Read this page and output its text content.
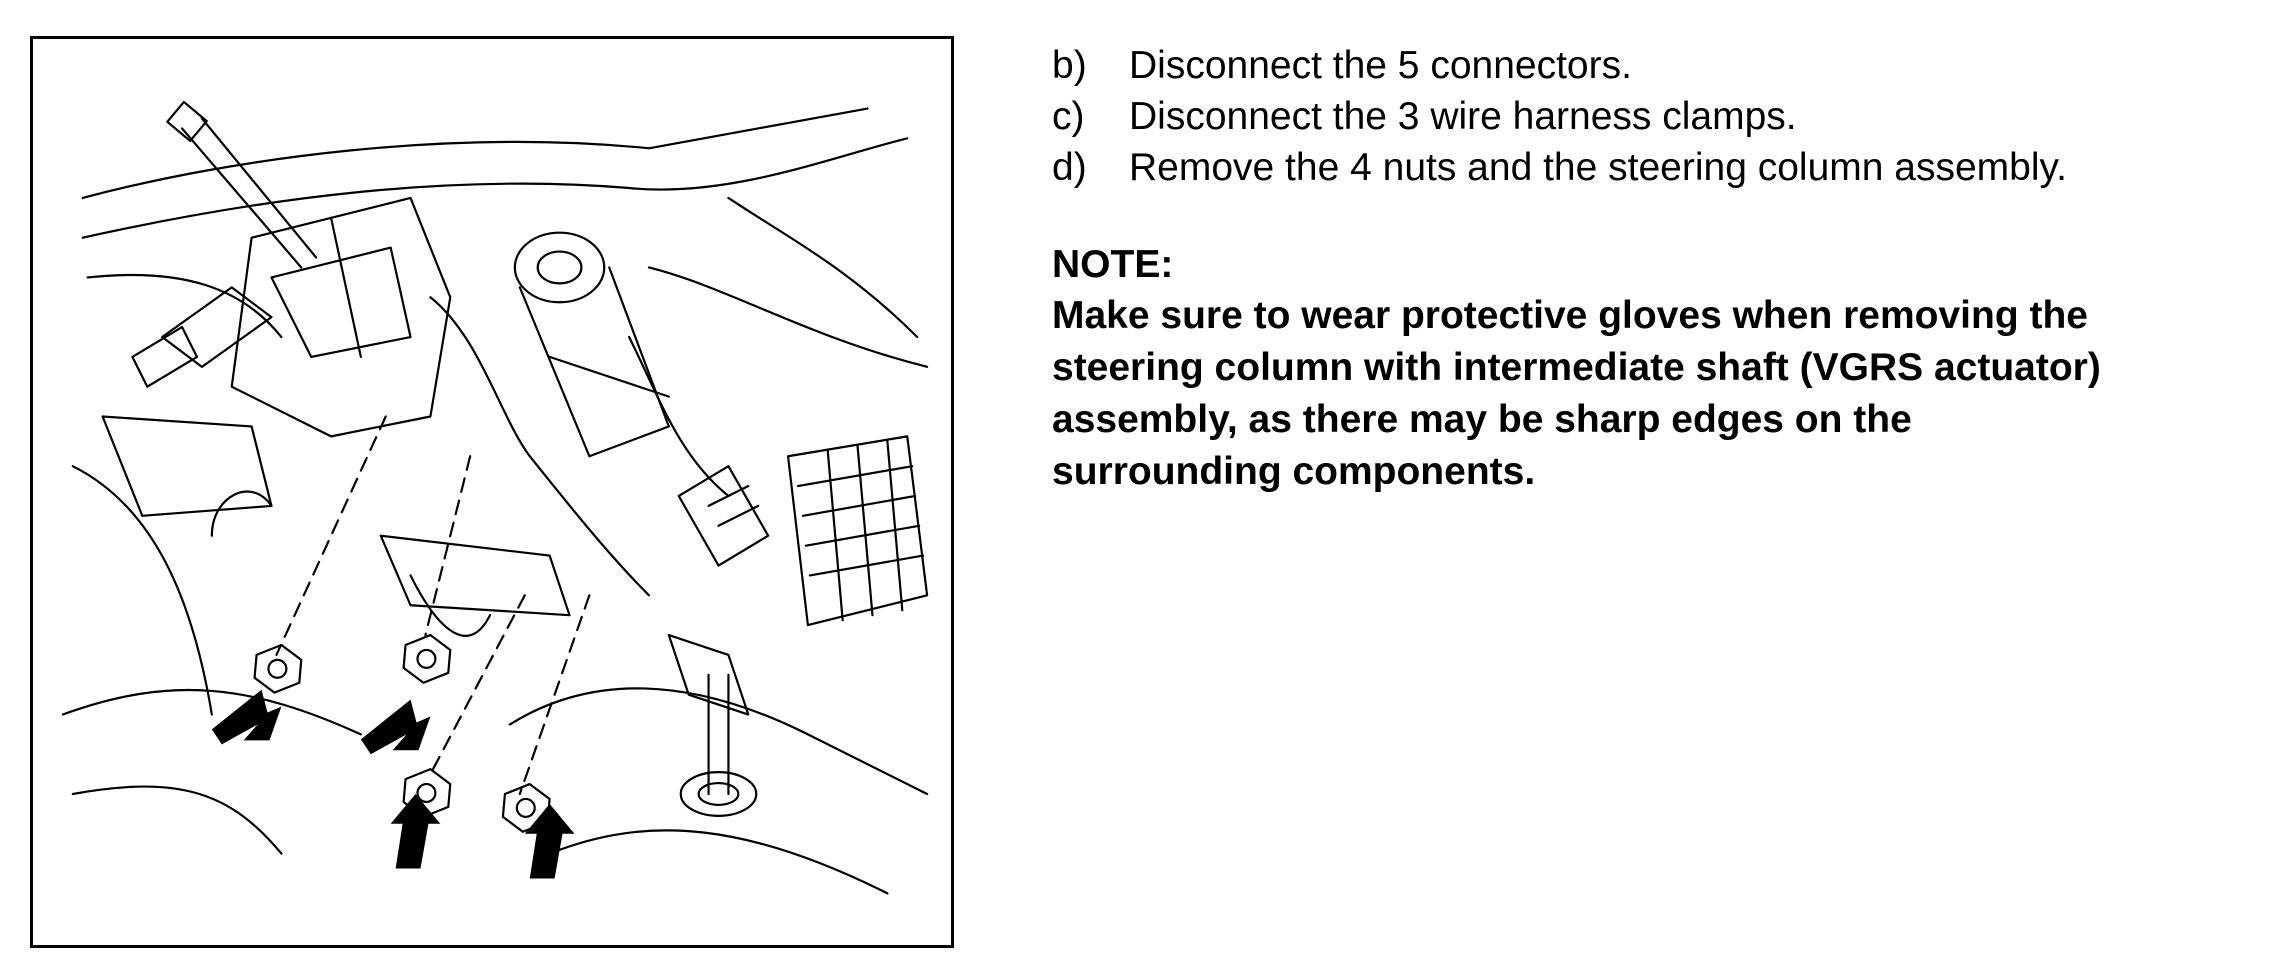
b)	Disconnect the 5 connectors.
c)	Disconnect the 3 wire harness clamps.
d)	Remove the 4 nuts and the steering column assembly.
NOTE:
Make sure to wear protective gloves when removing the
steering column with intermediate shaft (VGRS actuator)
assembly, as there may be sharp edges on the
surrounding components.
